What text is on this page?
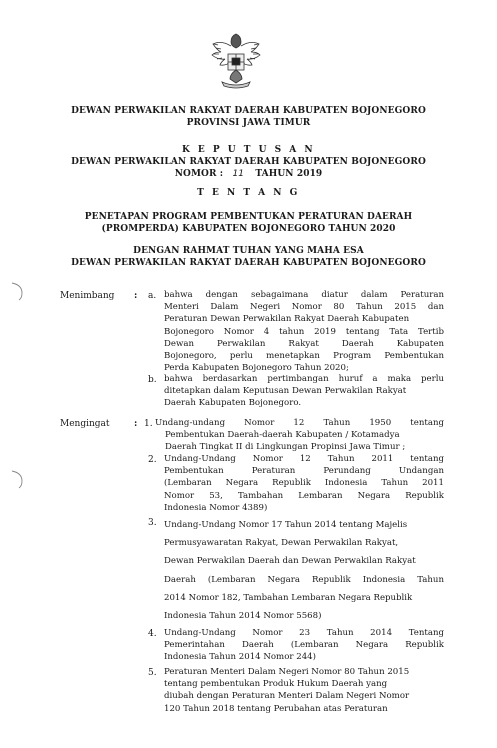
DEWAN PERWAKILAN RAKYAT DAERAH KABUPATEN BOJONEGORO
PROVINSI JAWA TIMUR
K E P U T U S A N
DEWAN PERWAKILAN RAKYAT DAERAH KABUPATEN BOJONEGORO
NOMOR : 11 TAHUN 2019
T E N T A N G
PENETAPAN PROGRAM PEMBENTUKAN PERATURAN DAERAH
(PROMPERDA) KABUPATEN BOJONEGORO TAHUN 2020
DENGAN RAHMAT TUHAN YANG MAHA ESA
DEWAN PERWAKILAN RAKYAT DAERAH KABUPATEN BOJONEGORO
Menimbang : a. bahwa dengan sebagaimana diatur dalam Peraturan
Menteri Dalam Negeri Nomor 80 Tahun 2015 dan
Peraturan Dewan Perwakilan Rakyat Daerah Kabupaten
Bojonegoro Nomor 4 tahun 2019 tentang Tata Tertib
Dewan Perwakilan Rakyat Daerah Kabupaten
Bojonegoro, perlu menetapkan Program Pembentukan
Perda Kabupaten Bojonegoro Tahun 2020;
b. bahwa berdasarkan pertimbangan huruf a maka perlu
ditetapkan dalam Keputusan Dewan Perwakilan Rakyat
Daerah Kabupaten Bojonegoro.
Mengingat	: 1. Undang-undang Nomor 12 Tahun 1950 tentang
Pembentukan Daerah-daerah Kabupaten / Kotamadya
Daerah Tingkat II di Lingkungan Propinsi Jawa Timur ;
2. Undang-Undang Nomor 12 Tahun 2011 tentang
Pembentukan Peraturan Perundang Undangan
(Lembaran Negara Republik Indonesia Tahun 2011
Nomor 53, Tambahan Lembaran Negara Republik
Indonesia Nomor 4389)
3. Undang-Undang Nomor 17 Tahun 2014 tentang Majelis
Permusyawaratan Rakyat, Dewan Perwakilan Rakyat,
Dewan Perwakilan Daerah dan Dewan Perwakilan Rakyat
Daerah (Lembaran Negara Republik Indonesia Tahun
2014 Nomor 182, Tambahan Lembaran Negara Republik
Indonesia Tahun 2014 Nomor 5568)
4. Undang-Undang Nomor 23 Tahun 2014 Tentang
Pemerintahan Daerah (Lembaran Negara Republik
Indonesia Tahun 2014 Nomor 244)
5. Peraturan Menteri Dalam Negeri Nomor 80 Tahun 2015
tentang pembentukan Produk Hukum Daerah yang
diubah dengan Peraturan Menteri Dalam Negeri Nomor
120 Tahun 2018 tentang Perubahan atas Peraturan
